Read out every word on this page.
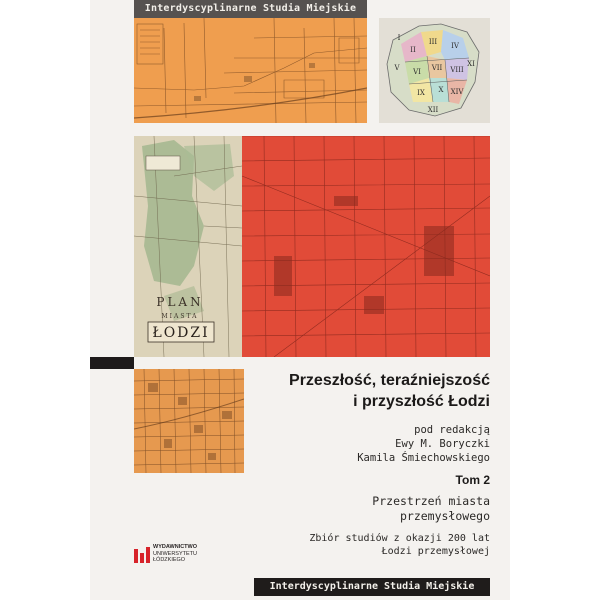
Interdyscyplinarne Studia Miejskie
II
III IV
VI VII VIII
IX X XIV
V
XII
XI
I
PLAN
MIASTA
ŁODZI
Przeszłość, teraźniejszość
i przyszłość Łodzi
pod redakcją
Ewy M. Boryczki
Kamila Śmiechowskiego
Tom 2
Przestrzeń miasta
przemysłowego
Zbiór studiów z okazji 200 lat
Łodzi przemysłowej
WYDAWNICTWO
UNIWERSYTETU
ŁÓDZKIEGO
Interdyscyplinarne Studia Miejskie
